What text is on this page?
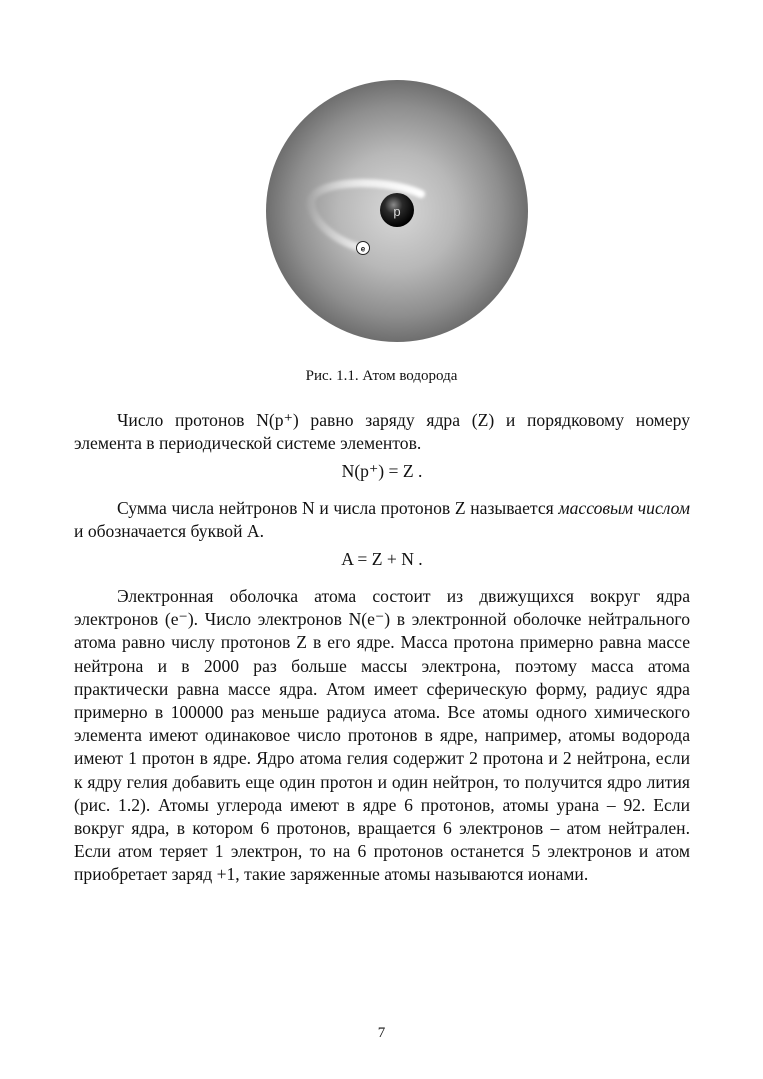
p
e
Рис. 1.1. Атом водорода

Число протонов N(p⁺) равно заряду ядра (Z) и порядковому номеру элемента в периодической системе элементов.

N(p⁺) = Z .

Сумма числа нейтронов N и числа протонов Z называется массовым числом и обозначается буквой A.

A = Z + N .

Электронная оболочка атома состоит из движущихся вокруг ядра электронов (e⁻). Число электронов N(e⁻) в электронной оболочке нейтрального атома равно числу протонов Z в его ядре. Масса протона примерно равна массе нейтрона и в 2000 раз больше массы электрона, поэтому масса атома практически равна массе ядра. Атом имеет сферическую форму, радиус ядра примерно в 100000 раз меньше радиуса атома. Все атомы одного химического элемента имеют одинаковое число протонов в ядре, например, атомы водорода имеют 1 протон в ядре. Ядро атома гелия содержит 2 протона и 2 нейтрона, если к ядру гелия добавить еще один протон и один нейтрон, то получится ядро лития (рис. 1.2). Атомы углерода имеют в ядре 6 протонов, атомы урана – 92. Если вокруг ядра, в котором 6 протонов, вращается 6 электронов – атом нейтрален. Если атом теряет 1 электрон, то на 6 протонов останется 5 электронов и атом приобретает заряд +1, такие заряженные атомы называются ионами.

7
